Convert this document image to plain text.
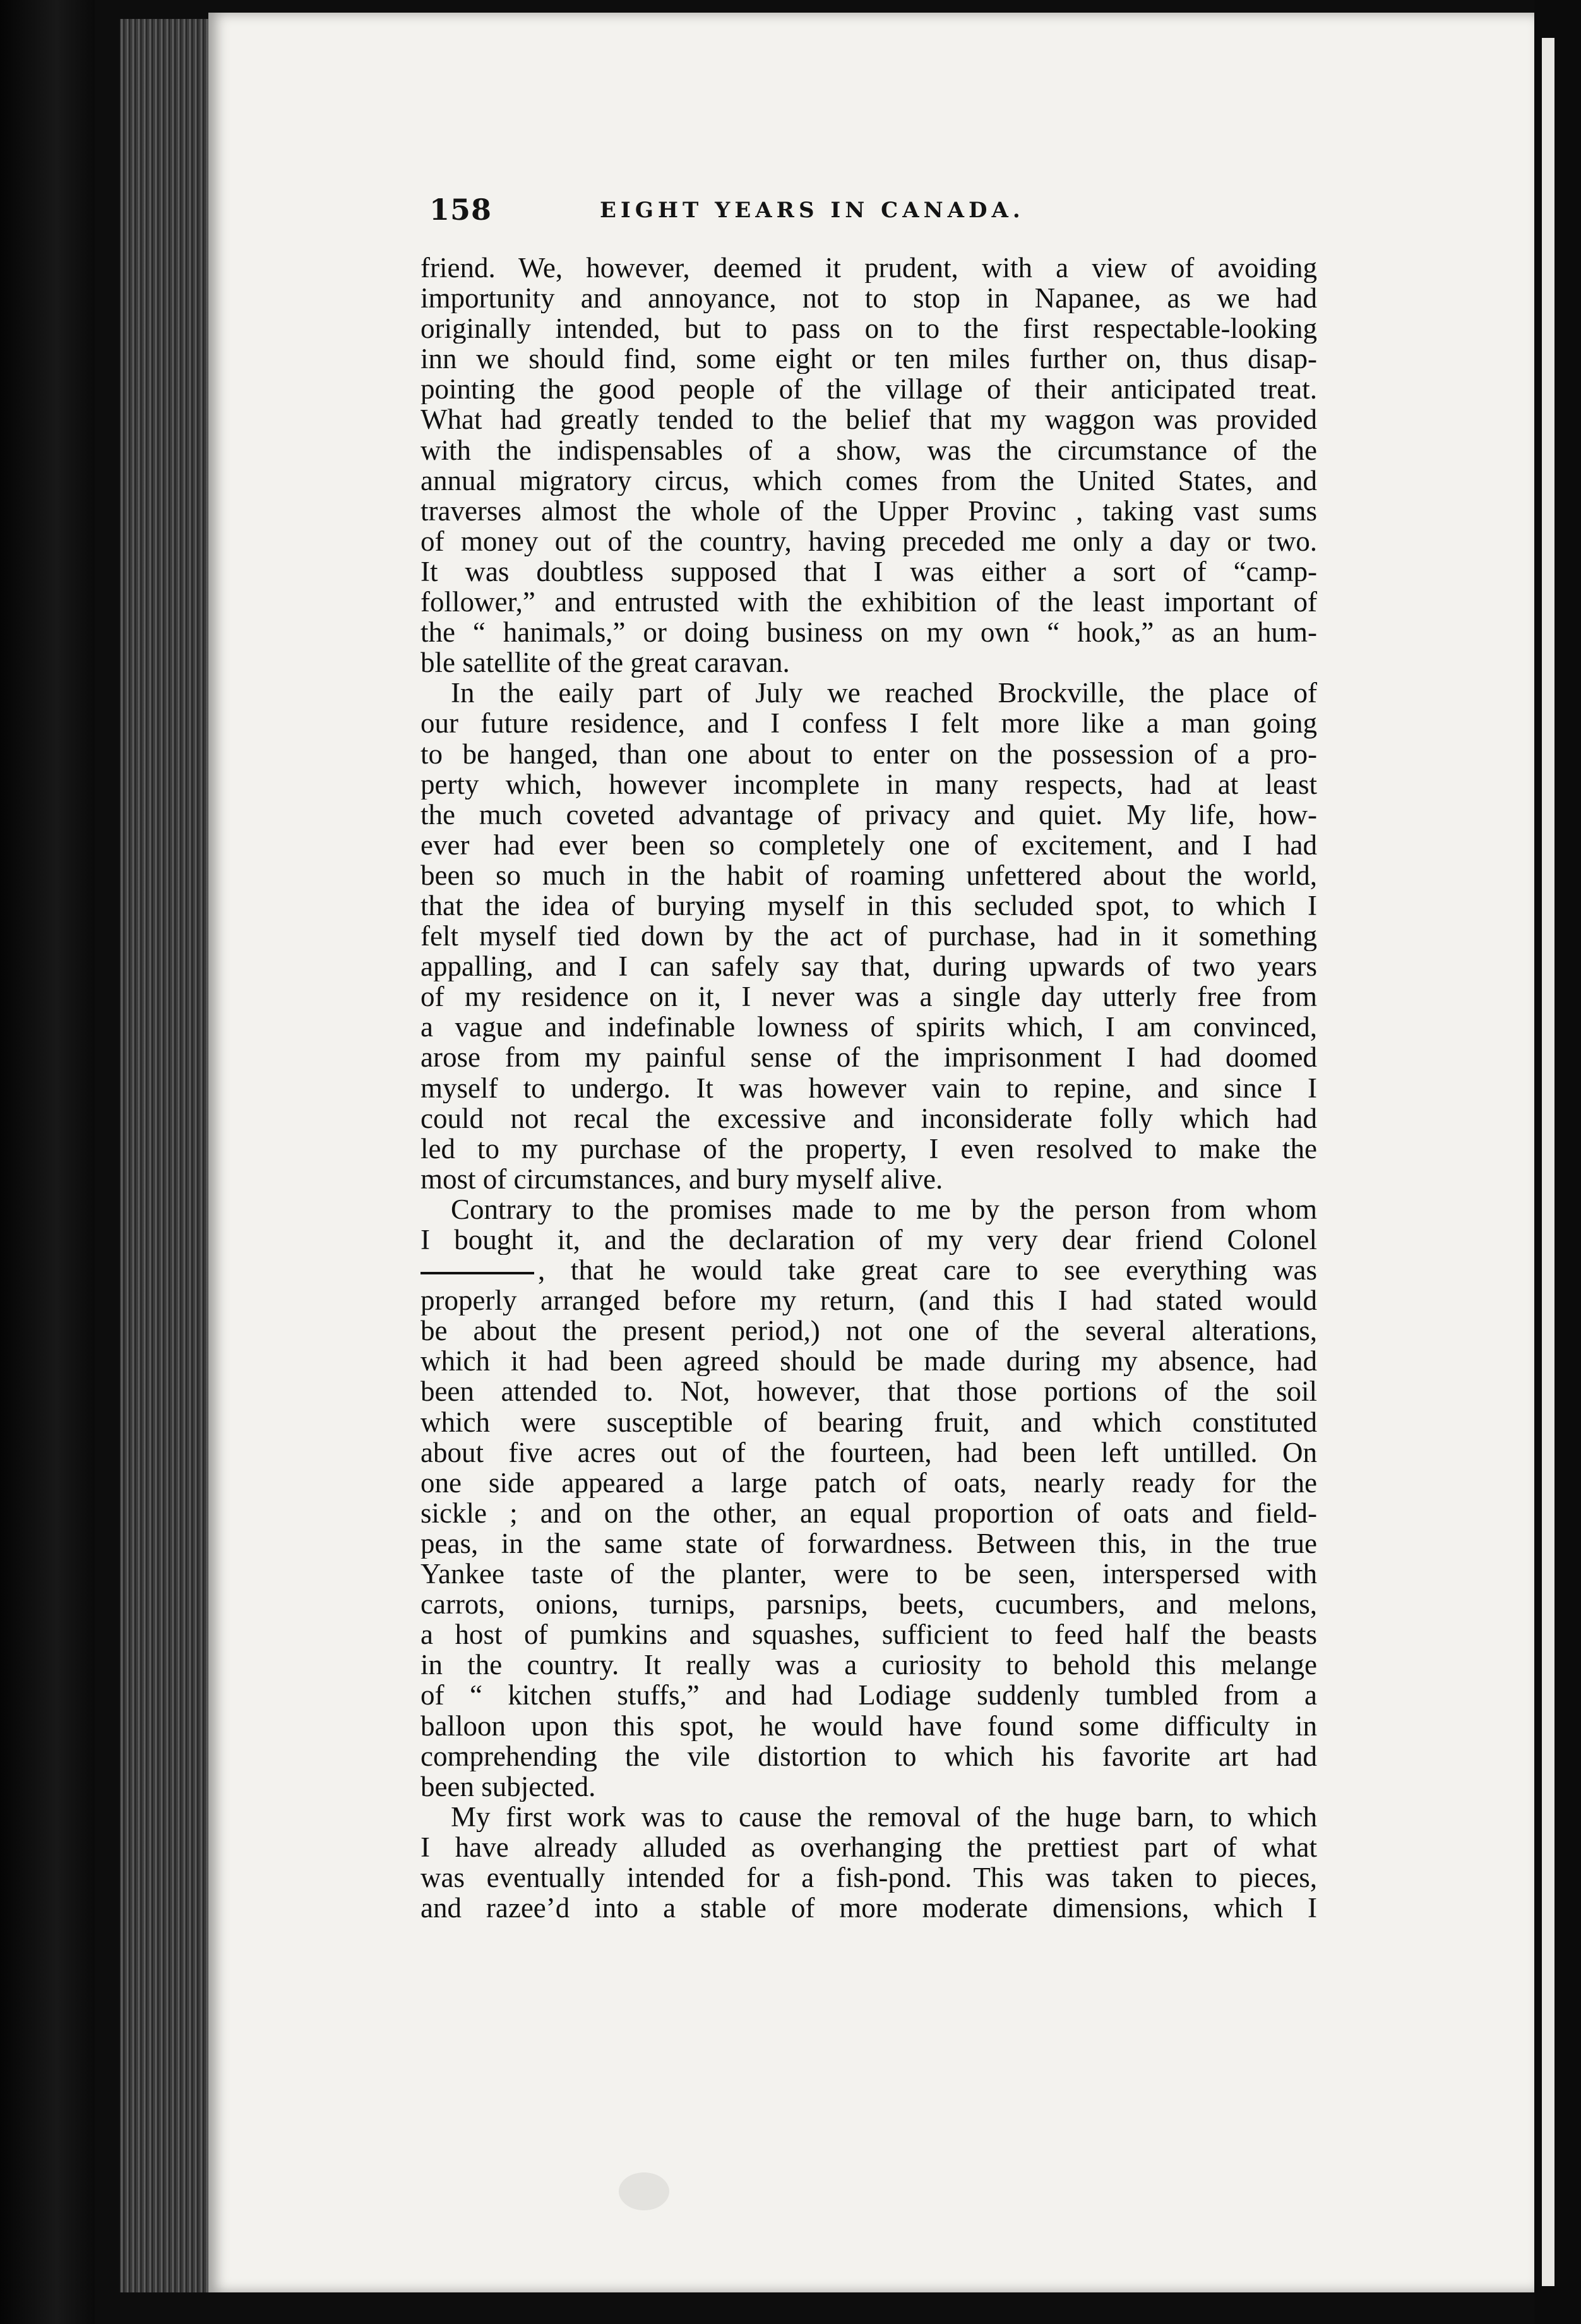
158	EIGHT YEARS IN CANADA.
friend. We, however, deemed it prudent, with a view of avoiding
importunity and annoyance, not to stop in Napanee, as we had
originally intended, but to pass on to the first respectable-looking
inn we should find, some eight or ten miles further on, thus disap-
pointing the good people of the village of their anticipated treat.
What had greatly tended to the belief that my waggon was provided
with the indispensables of a show, was the circumstance of the
annual migratory circus, which comes from the United States, and
traverses almost the whole of the Upper Provinc , taking vast sums
of money out of the country, having preceded me only a day or two.
It was doubtless supposed that I was either a sort of “camp-
follower,” and entrusted with the exhibition of the least important of
the “ hanimals,” or doing business on my own “ hook,” as an hum-
ble satellite of the great caravan.
In the eaily part of July we reached Brockville, the place of
our future residence, and I confess I felt more like a man going
to be hanged, than one about to enter on the possession of a pro-
perty which, however incomplete in many respects, had at least
the much coveted advantage of privacy and quiet. My life, how-
ever had ever been so completely one of excitement, and I had
been so much in the habit of roaming unfettered about the world,
that the idea of burying myself in this secluded spot, to which I
felt myself tied down by the act of purchase, had in it something
appalling, and I can safely say that, during upwards of two years
of my residence on it, I never was a single day utterly free from
a vague and indefinable lowness of spirits which, I am convinced,
arose from my painful sense of the imprisonment I had doomed
myself to undergo. It was however vain to repine, and since I
could not recal the excessive and inconsiderate folly which had
led to my purchase of the property, I even resolved to make the
most of circumstances, and bury myself alive.
Contrary to the promises made to me by the person from whom
I bought it, and the declaration of my very dear friend Colonel
, that he would take great care to see everything was
properly arranged before my return, (and this I had stated would
be about the present period,) not one of the several alterations,
which it had been agreed should be made during my absence, had
been attended to. Not, however, that those portions of the soil
which were susceptible of bearing fruit, and which constituted
about five acres out of the fourteen, had been left untilled. On
one side appeared a large patch of oats, nearly ready for the
sickle ; and on the other, an equal proportion of oats and field-
peas, in the same state of forwardness. Between this, in the true
Yankee taste of the planter, were to be seen, interspersed with
carrots, onions, turnips, parsnips, beets, cucumbers, and melons,
a host of pumkins and squashes, sufficient to feed half the beasts
in the country. It really was a curiosity to behold this melange
of “ kitchen stuffs,” and had Lodiage suddenly tumbled from a
balloon upon this spot, he would have found some difficulty in
comprehending the vile distortion to which his favorite art had
been subjected.
My first work was to cause the removal of the huge barn, to which
I have already alluded as overhanging the prettiest part of what
was eventually intended for a fish-pond. This was taken to pieces,
and razee’d into a stable of more moderate dimensions, which I
